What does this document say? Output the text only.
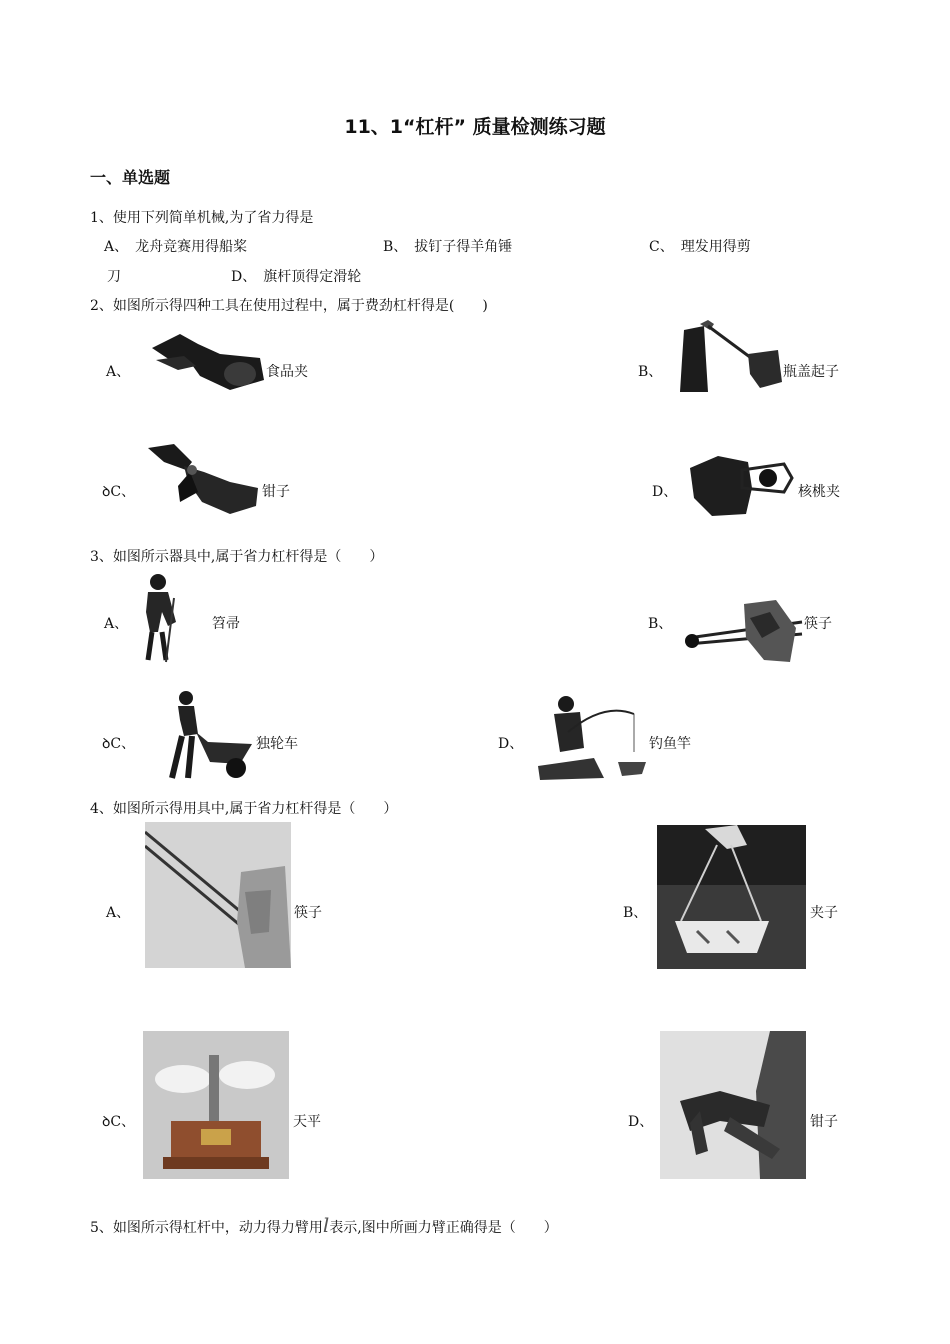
11、1“杠杆” 质量检测练习题
一、单选题
1、使用下列简单机械,为了省力得是
A、　龙舟竞赛用得船桨	B、　拔钉子得羊角锤	C、　理发用得剪
刀	D、　旗杆顶得定滑轮
2、如图所示得四种工具在使用过程中，属于费劲杠杆得是(　　)
A、	食品夹	B、	瓶盖起子
ꝺC、	钳子	D、	核桃夹
3、如图所示器具中,属于省力杠杆得是（　　）
A、	笤帚	B、	筷子
ꝺC、	独轮车	D、	钓鱼竿
4、如图所示得用具中,属于省力杠杆得是（　　）
A、	筷子	B、	夹子
ꝺC、	天平	D、	钳子
5、如图所示得杠杆中，动力得力臂用l表示,图中所画力臂正确得是（　　）
